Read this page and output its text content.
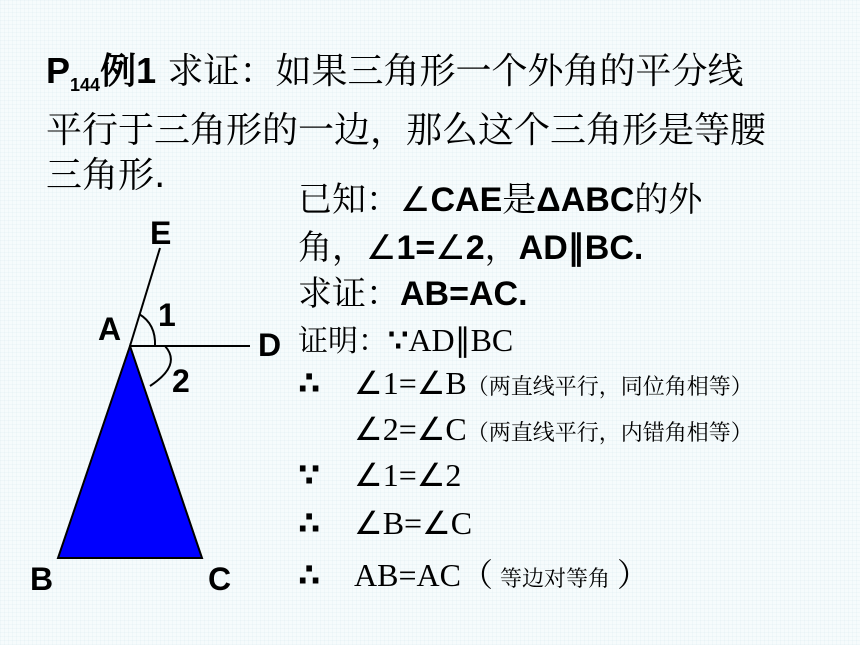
$P_{144}$例1 求证：如果三角形一个外角的平分线
平行于三角形的一边，那么这个三角形是等腰
三角形.
已知：∠CAE是ΔABC的外
角，∠1=∠2，AD∥BC.
求证：AB=AC.
证明：∵AD∥BC
∴ ∠1=∠B（两直线平行，同位角相等）
∠2=∠C（两直线平行，内错角相等）
∵ ∠1=∠2
∴ ∠B=∠C
∴ AB=AC（ 等边对等角 ）
E
A	D
B	C
1
2
